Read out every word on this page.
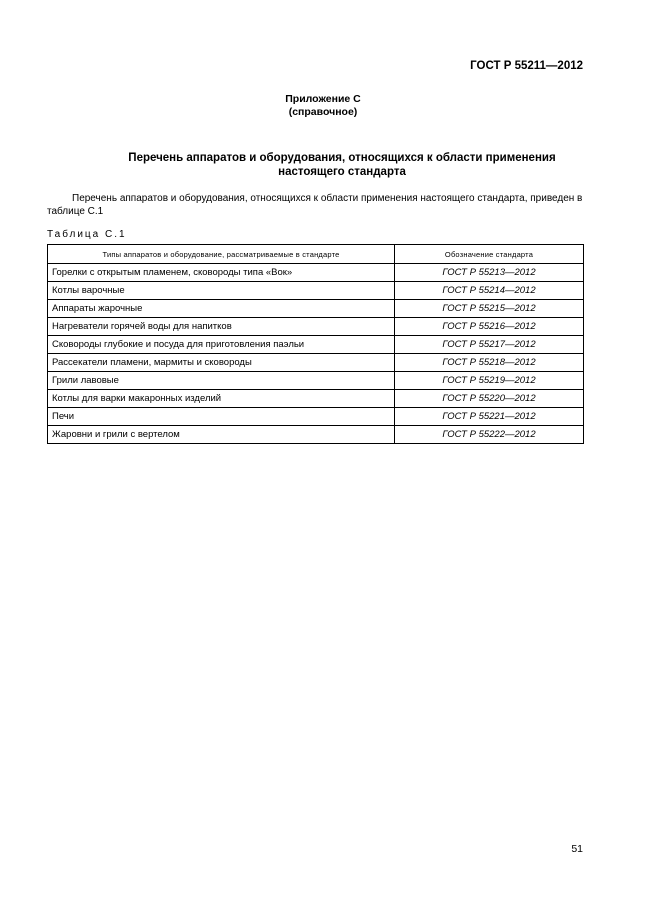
ГОСТ Р 55211—2012
Приложение С
(справочное)
Перечень аппаратов и оборудования, относящихся к области применения
настоящего стандарта
Перечень аппаратов и оборудования, относящихся к области применения настоящего стандарта, приведен в таблице С.1
Таблица С.1
Типы аппаратов и оборудование, рассматриваемые в стандарте	Обозначение стандарта
Горелки с открытым пламенем, сковороды типа «Вок»	ГОСТ Р 55213—2012
Котлы варочные	ГОСТ Р 55214—2012
Аппараты жарочные	ГОСТ Р 55215—2012
Нагреватели горячей воды для напитков	ГОСТ Р 55216—2012
Сковороды глубокие и посуда для приготовления паэльи	ГОСТ Р 55217—2012
Рассекатели пламени, мармиты и сковороды	ГОСТ Р 55218—2012
Грили лавовые	ГОСТ Р 55219—2012
Котлы для варки макаронных изделий	ГОСТ Р 55220—2012
Печи	ГОСТ Р 55221—2012
Жаровни и грили с вертелом	ГОСТ Р 55222—2012
51
